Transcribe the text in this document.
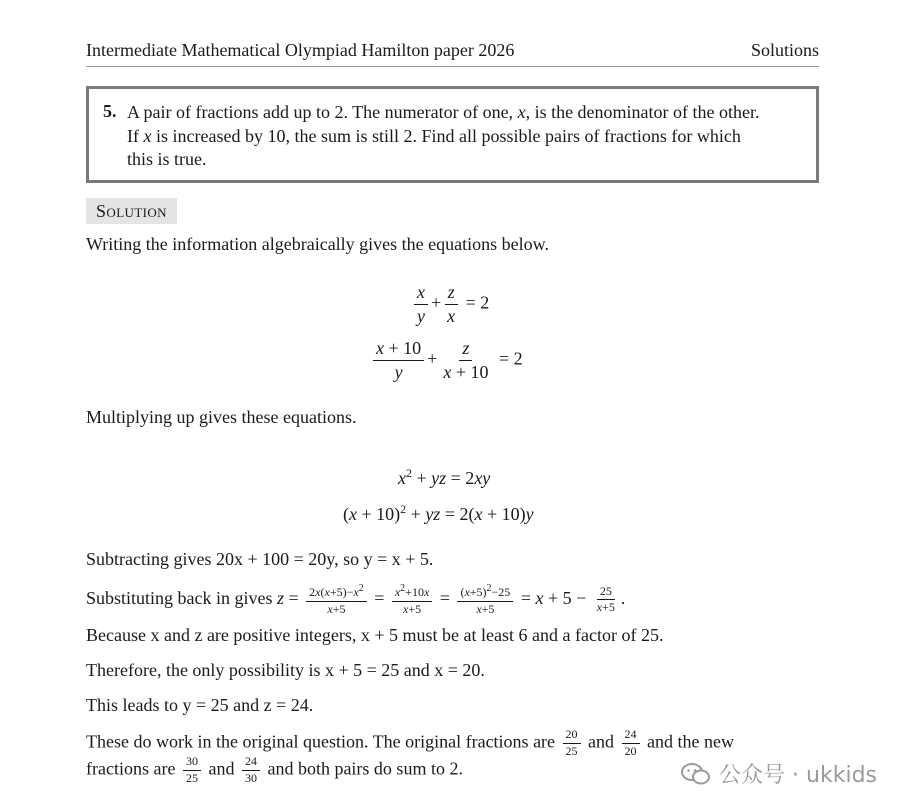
Intermediate Mathematical Olympiad Hamilton paper 2026	Solutions
5. A pair of fractions add up to 2. The numerator of one, x, is the denominator of the other.
If x is increased by 10, the sum is still 2. Find all possible pairs of fractions for which
this is true.
Solution
Writing the information algebraically gives the equations below.
$\frac{x}{y} + \frac{z}{x} = 2$
$\frac{x + 10}{y} + \frac{z}{x + 10} = 2$
Multiplying up gives these equations.
$x^2$ + yz = 2xy
$(x + 10)^2$ + yz = 2(x + 10)y
Subtracting gives 20x + 100 = 20y, so y = x + 5.
Substituting back in gives $z = \frac{2x(x+5)-x^2}{x+5} = \frac{x^2+10x}{x+5} = \frac{(x+5)^2-25}{x+5} = x + 5 - \frac{25}{x+5}$ .
Because x and z are positive integers, x + 5 must be at least 6 and a factor of 25.
Therefore, the only possibility is x + 5 = 25 and x = 20.
This leads to y = 25 and z = 24.
These do work in the original question. The original fractions are $\frac{20}{25}$ and $\frac{24}{20}$ and the new
fractions are $\frac{30}{25}$ and $\frac{24}{30}$ and both pairs do sum to 2.	公众号 · ukkids
